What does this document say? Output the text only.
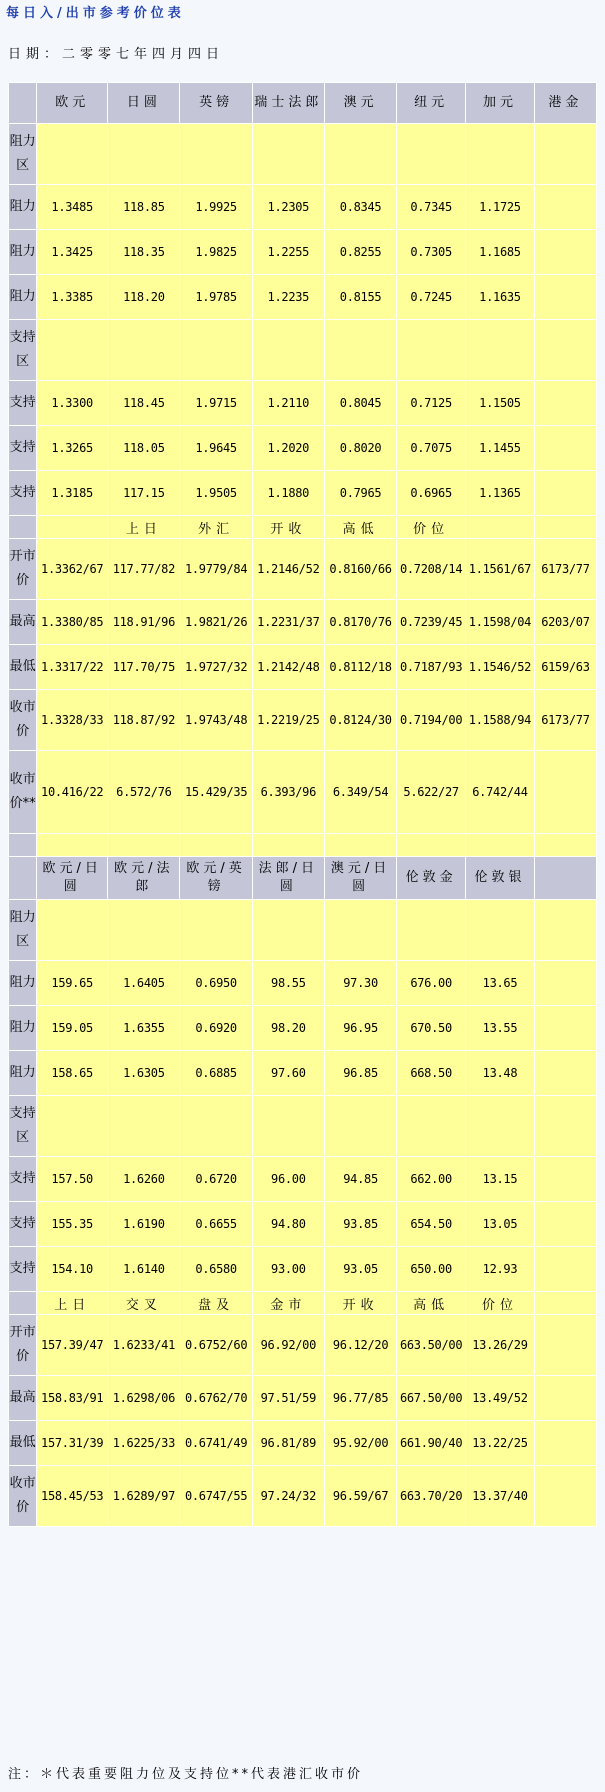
每日入/出市参考价位表
日期：二零零七年四月四日
	欧元	日圆	英镑	瑞士法郎	澳元	纽元	加元	港金
阻力区								
阻力	1.3485	118.85	1.9925	1.2305	0.8345	0.7345	1.1725	
阻力	1.3425	118.35	1.9825	1.2255	0.8255	0.7305	1.1685	
阻力	1.3385	118.20	1.9785	1.2235	0.8155	0.7245	1.1635	
支持区								
支持	1.3300	118.45	1.9715	1.2110	0.8045	0.7125	1.1505	
支持	1.3265	118.05	1.9645	1.2020	0.8020	0.7075	1.1455	
支持	1.3185	117.15	1.9505	1.1880	0.7965	0.6965	1.1365	
		上日	外汇	开收	高低	价位		
开市价	1.3362/67	117.77/82	1.9779/84	1.2146/52	0.8160/66	0.7208/14	1.1561/67	6173/77
最高	1.3380/85	118.91/96	1.9821/26	1.2231/37	0.8170/76	0.7239/45	1.1598/04	6203/07
最低	1.3317/22	117.70/75	1.9727/32	1.2142/48	0.8112/18	0.7187/93	1.1546/52	6159/63
收市价	1.3328/33	118.87/92	1.9743/48	1.2219/25	0.8124/30	0.7194/00	1.1588/94	6173/77
收市价**	10.416/22	6.572/76	15.429/35	6.393/96	6.349/54	5.622/27	6.742/44	

	欧元/日圆	欧元/法郎	欧元/英镑	法郎/日圆	澳元/日圆	伦敦金	伦敦银	
阻力区								
阻力	159.65	1.6405	0.6950	98.55	97.30	676.00	13.65	
阻力	159.05	1.6355	0.6920	98.20	96.95	670.50	13.55	
阻力	158.65	1.6305	0.6885	97.60	96.85	668.50	13.48	
支持区								
支持	157.50	1.6260	0.6720	96.00	94.85	662.00	13.15	
支持	155.35	1.6190	0.6655	94.80	93.85	654.50	13.05	
支持	154.10	1.6140	0.6580	93.00	93.05	650.00	12.93	
	上日	交叉	盘及	金市	开收	高低	价位	
开市价	157.39/47	1.6233/41	0.6752/60	96.92/00	96.12/20	663.50/00	13.26/29	
最高	158.83/91	1.6298/06	0.6762/70	97.51/59	96.77/85	667.50/00	13.49/52	
最低	157.31/39	1.6225/33	0.6741/49	96.81/89	95.92/00	661.90/40	13.22/25	
收市价	158.45/53	1.6289/97	0.6747/55	97.24/32	96.59/67	663.70/20	13.37/40	
注：＊代表重要阻力位及支持位**代表港汇收市价
